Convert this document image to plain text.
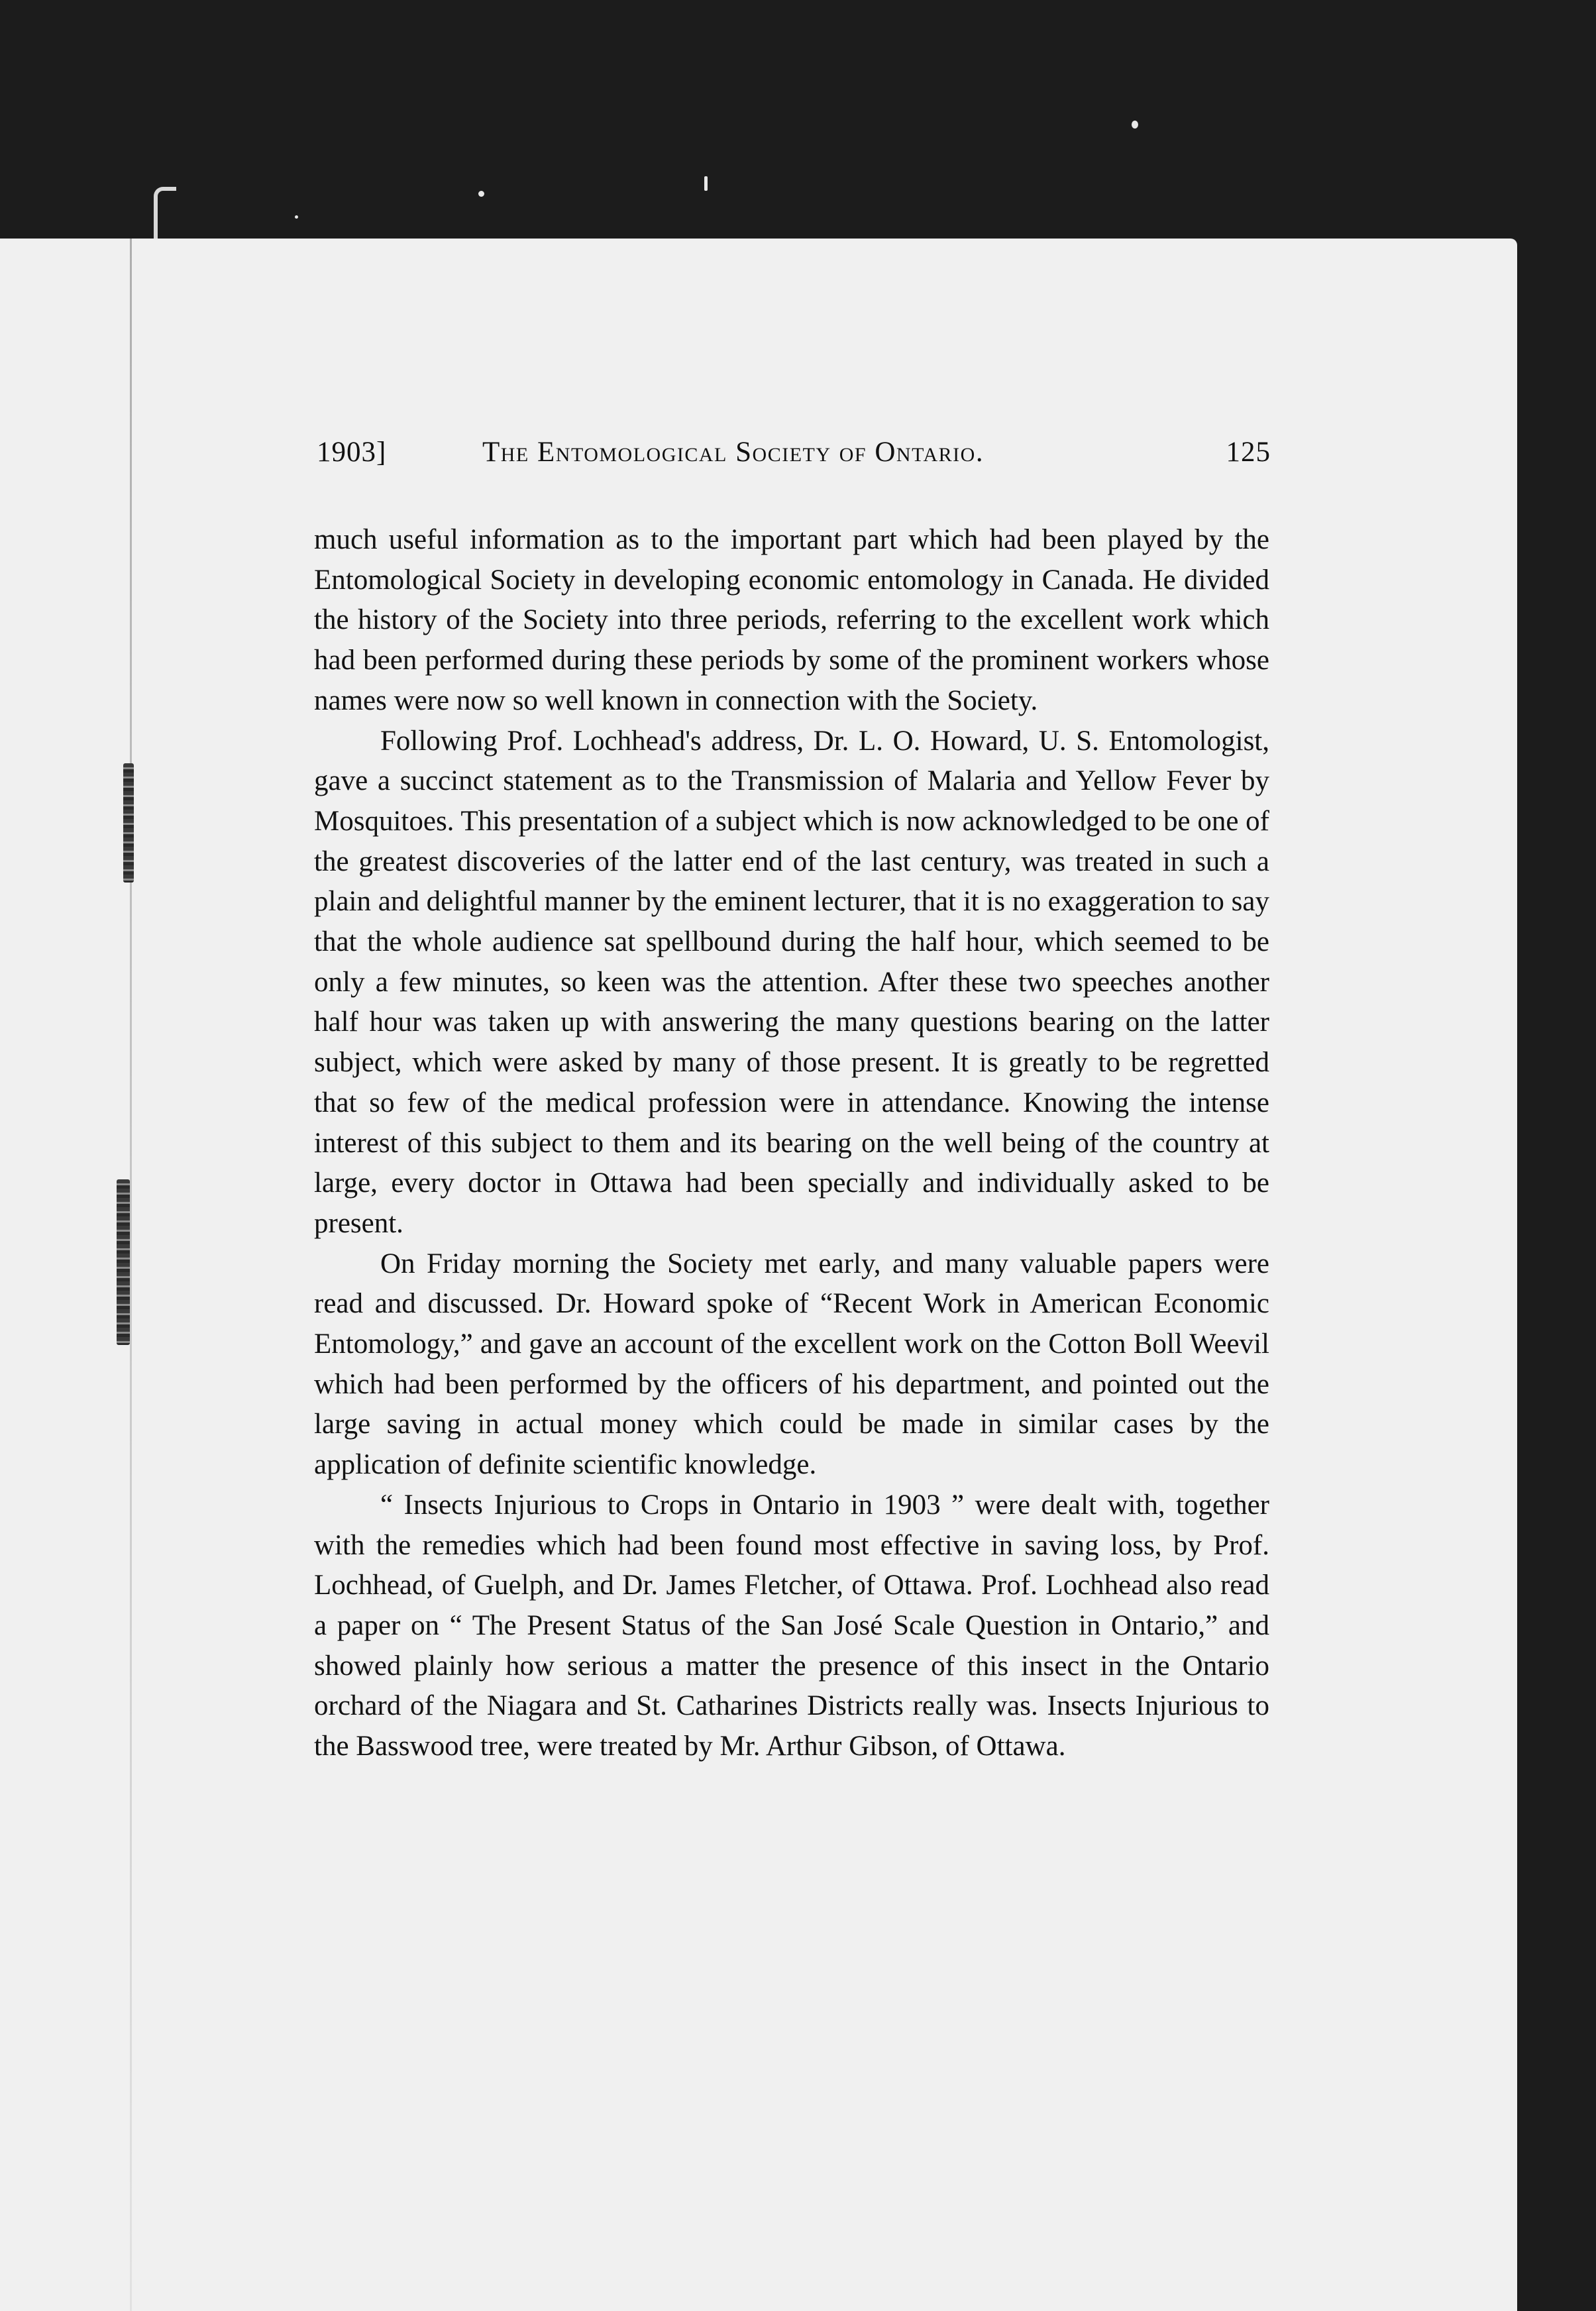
1903]	The Entomological Society of Ontario.	125

much useful information as to the important part which had been played by the Entomological Society in developing economic entomology in Canada. He divided the history of the Society into three periods, referring to the excellent work which had been performed during these periods by some of the prominent workers whose names were now so well known in connection with the Society.

Following Prof. Lochhead's address, Dr. L. O. Howard, U. S. Entomologist, gave a succinct statement as to the Transmission of Malaria and Yellow Fever by Mosquitoes. This presentation of a subject which is now acknowledged to be one of the greatest discoveries of the latter end of the last century, was treated in such a plain and delightful manner by the eminent lecturer, that it is no exaggeration to say that the whole audience sat spellbound during the half hour, which seemed to be only a few minutes, so keen was the attention. After these two speeches another half hour was taken up with answering the many questions bearing on the latter subject, which were asked by many of those present. It is greatly to be regretted that so few of the medical profession were in attendance. Knowing the intense interest of this subject to them and its bearing on the well being of the country at large, every doctor in Ottawa had been specially and individually asked to be present.

On Friday morning the Society met early, and many valuable papers were read and discussed. Dr. Howard spoke of “Recent Work in American Economic Entomology,” and gave an account of the excellent work on the Cotton Boll Weevil which had been performed by the officers of his department, and pointed out the large saving in actual money which could be made in similar cases by the application of definite scientific knowledge.

“ Insects Injurious to Crops in Ontario in 1903 ” were dealt with, together with the remedies which had been found most effective in saving loss, by Prof. Lochhead, of Guelph, and Dr. James Fletcher, of Ottawa. Prof. Lochhead also read a paper on “ The Present Status of the San José Scale Question in Ontario,” and showed plainly how serious a matter the presence of this insect in the Ontario orchard of the Niagara and St. Catharines Districts really was. Insects Injurious to the Basswood tree, were treated by Mr. Arthur Gibson, of Ottawa.
